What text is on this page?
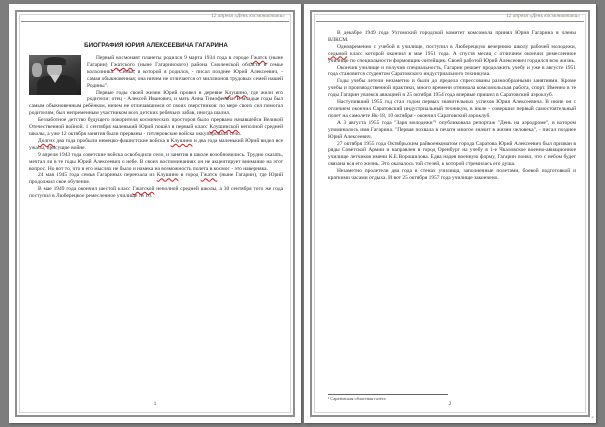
12 апреля «День космонавтики»
БИОГРАФИЯ ЮРИЯ АЛЕКСЕЕВИЧА ГАГАРИНА

Первый космонавт планеты родился 9 марта 1934 года в городе Гжатск (ныне Гагарин) Гжатского (ныне Гагаринского) района Смоленской области в семье колхозника. "Семья, в которой я родился, - писал позднее Юрий Алексеевич, - самая обыкновенная; она ничем не отличается от миллионов трудовых семей нашей Родины".

Первые годы своей жизни Юрий провел в деревне Клушино, где жили его родители: отец - Алексей Иванович, и мать Анна Тимофеевна. В младые годы был самым обыкновенным ребёнком, ничем не отличавшимся от своих сверстников: по мере своих сил помогал родителям, был непременным участником всех детских ребячьих забав, иногда шалил.

Беззаботное детство будущего покорителя космических просторов было прервано начавшейся Великой Отечественной войной. 1 сентября маленький Юрий пошёл в первый класс Клушинской неполной средней школы, а уже 12 октября занятия были прерваны - гитлеровские войска оккупировали село.

Долгих два года пробыли немецко-фашистские войска в Клушино и два года маленький Юрий видел все ужасы, присущие войне.

9 апреля 1943 года советские войска освободили село, и занятия в школе возобновились. Трудно сказать, мечтал ли в те годы Юрий Алексеевич о небе. В своих воспоминаниях он не акцентирует внимание на этот вопрос. Но вот то, что в его мыслях не было и намека на возможность полета в космос - это наверняка.

24 мая 1945 года семья Гагариных переехала из Клушино в город Гжатск (ныне Гагарин), где Юрий продолжил свое обучение.

В мае 1949 года окончил шестой класс Гжатской неполной средней школы, а 30 сентября того же года поступил в Люберецкое ремесленное училище № 10.

1
12 апреля «День космонавтики»

В декабре 1949 года Ухтомский городской комитет комсомола принял Юрия Гагарина в члены ВЛКСМ.

Одновременно с учебой в училище, поступил в Люберецкую вечернюю школу рабочей молодежи, седьмой класс которой окончил в мае 1951 года. А спустя месяц с отличием окончил ремесленное училище по специальности формовщик-литейщик. Своей работой Юрий Алексеевич гордился всю жизнь.

Окончив училище и получив специальность, Гагарин решает продолжить учебу и уже в августе 1951 года становится студентом Саратовского индустриального техникума.

Годы учебы летели незаметно и были до предела спрессованы разнообразными занятиями. Кроме учебы и производственной практики, много времени отнимала комсомольская работа, спорт. Именно в те годы Гагарин увлекся авиацией и 25 октября 1954 года впервые пришел в Саратовский аэроклуб.

Наступивший 1955 год стал годом первых значительных успехов Юрия Алексеевича. В июне он с отличием окончил Саратовский индустриальный техникум, в июле - совершил первый самостоятельный полет на самолете Як-18, 10 октября - окончил Саратовский аэроклуб.

А 3 августа 1955 года "Заря молодежи"¹ опубликовала репортаж "День на аэродроме", в котором упоминалось имя Гагарина. "Первая похвала в печати многое значит в жизни человека", - писал позднее Юрий Алексеевич.

27 октября 1955 года Октябрьским райвоенкоматом города Саратова Юрий Алексеевич был призван в ряды Советской Армии и направлен в город Оренбург на учебу в 1-е Чкаловское военно-авиационное училище летчиков имени К.Е.Ворошилова. Едва надев военную форму, Гагарин понял, что с небом будет связана вся его жизнь. Это оказалось той стезей, к которой стремилась его душа.

Незаметно пролетели два года в стенах училища, заполненные полетами, боевой подготовкой и краткими часами отдыха. И вот 25 октября 1957 года училище закончено.

¹ Саратовская областная газета
2
▾
